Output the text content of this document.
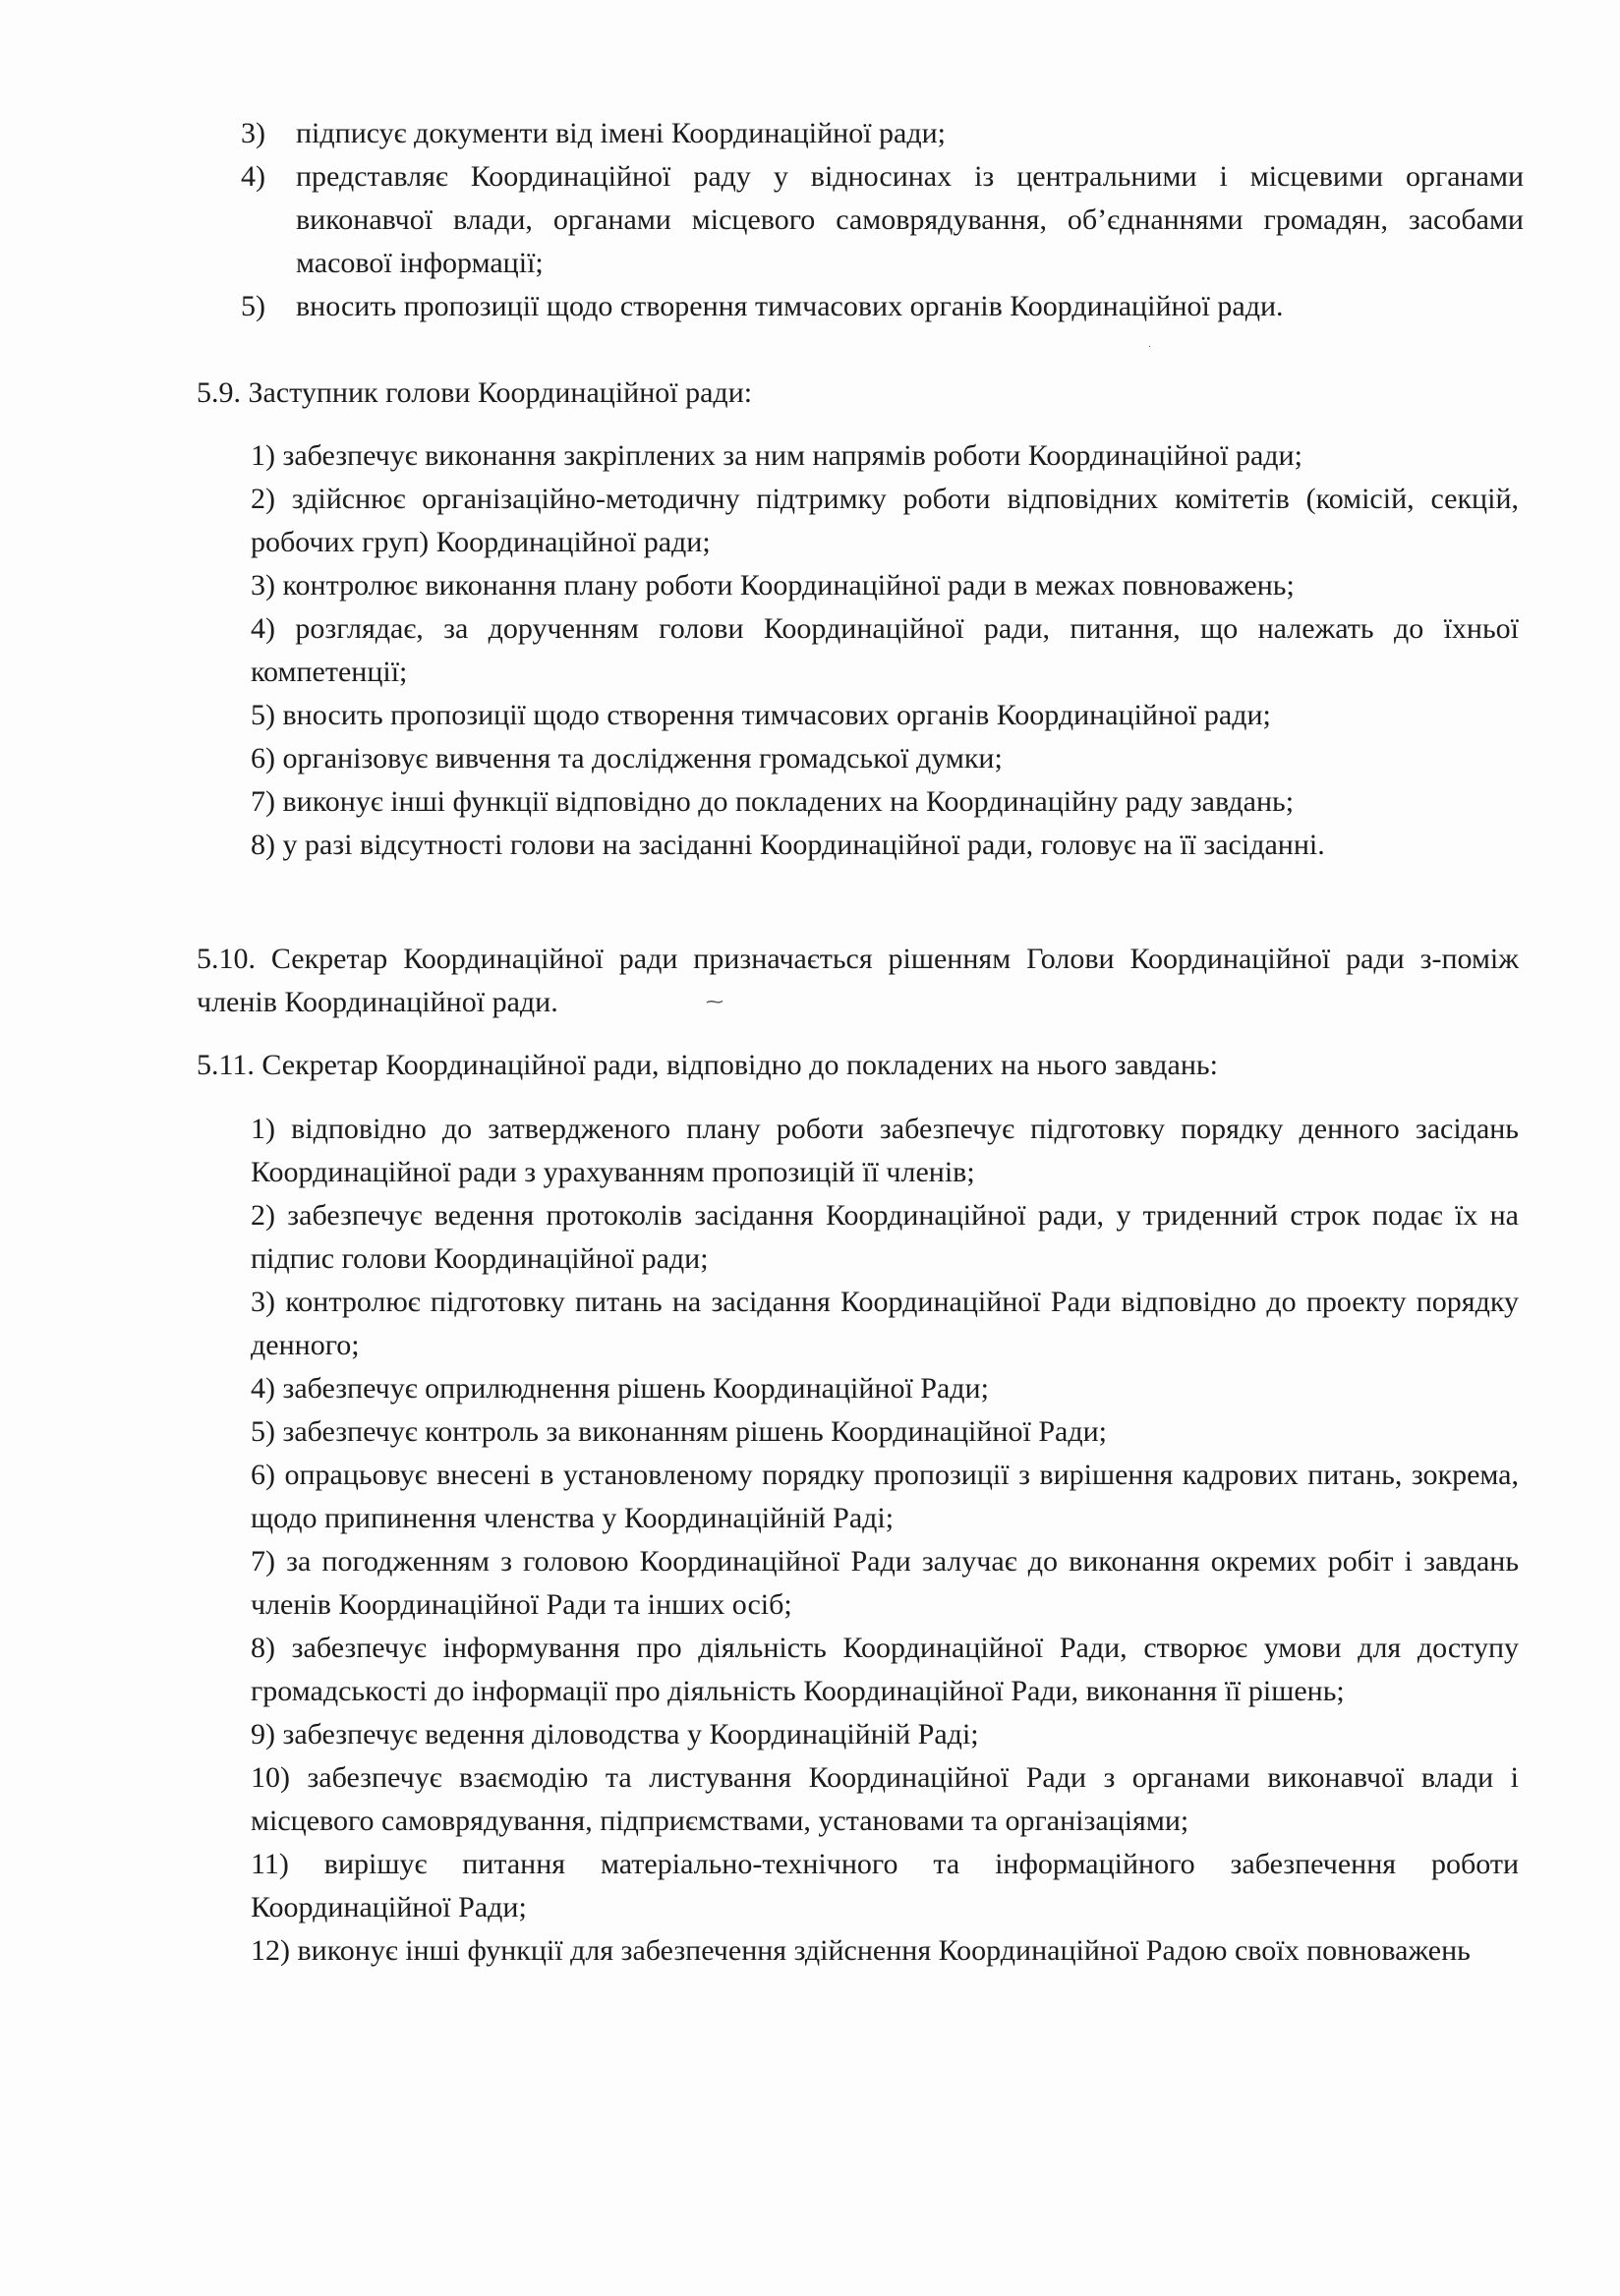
3) підписує документи від імені Координаційної ради;
4) представляє Координаційної раду у відносинах із центральними і місцевими органами виконавчої влади, органами місцевого самоврядування, об’єднаннями громадян, засобами масової інформації;
5) вносить пропозиції щодо створення тимчасових органів Координаційної ради.

5.9. Заступник голови Координаційної ради:

1) забезпечує виконання закріплених за ним напрямів роботи Координаційної ради;

2) здійснює організаційно-методичну підтримку роботи відповідних комітетів (комісій, секцій, робочих груп) Координаційної ради;

3) контролює виконання плану роботи Координаційної ради в межах повноважень;

4) розглядає, за дорученням голови Координаційної ради, питання, що належать до їхньої компетенції;

5) вносить пропозиції щодо створення тимчасових органів Координаційної ради;

6) організовує вивчення та дослідження громадської думки;

7) виконує інші функції відповідно до покладених на Координаційну раду завдань;

8) у разі відсутності голови на засіданні Координаційної ради, головує на її засіданні.

5.10. Секретар Координаційної ради призначається рішенням Голови Координаційної ради з-поміж членів Координаційної ради.

5.11. Секретар Координаційної ради, відповідно до покладених на нього завдань:

1) відповідно до затвердженого плану роботи забезпечує підготовку порядку денного засідань Координаційної ради з урахуванням пропозицій її членів;

2) забезпечує ведення протоколів засідання Координаційної ради, у триденний строк подає їх на підпис голови Координаційної ради;

3) контролює підготовку питань на засідання Координаційної Ради відповідно до проекту порядку денного;

4) забезпечує оприлюднення рішень Координаційної Ради;

5) забезпечує контроль за виконанням рішень Координаційної Ради;

6) опрацьовує внесені в установленому порядку пропозиції з вирішення кадрових питань, зокрема, щодо припинення членства у Координаційній Раді;

7) за погодженням з головою Координаційної Ради залучає до виконання окремих робіт і завдань членів Координаційної Ради та інших осіб;

8) забезпечує інформування про діяльність Координаційної Ради, створює умови для доступу громадськості до інформації про діяльність Координаційної Ради, виконання її рішень;

9) забезпечує ведення діловодства у Координаційній Раді;

10) забезпечує взаємодію та листування Координаційної Ради з органами виконавчої влади і місцевого самоврядування, підприємствами, установами та організаціями;

11) вирішує питання матеріально-технічного та інформаційного забезпечення роботи Координаційної Ради;

12) виконує інші функції для забезпечення здійснення Координаційної Радою своїх повноважень

⁓
·
